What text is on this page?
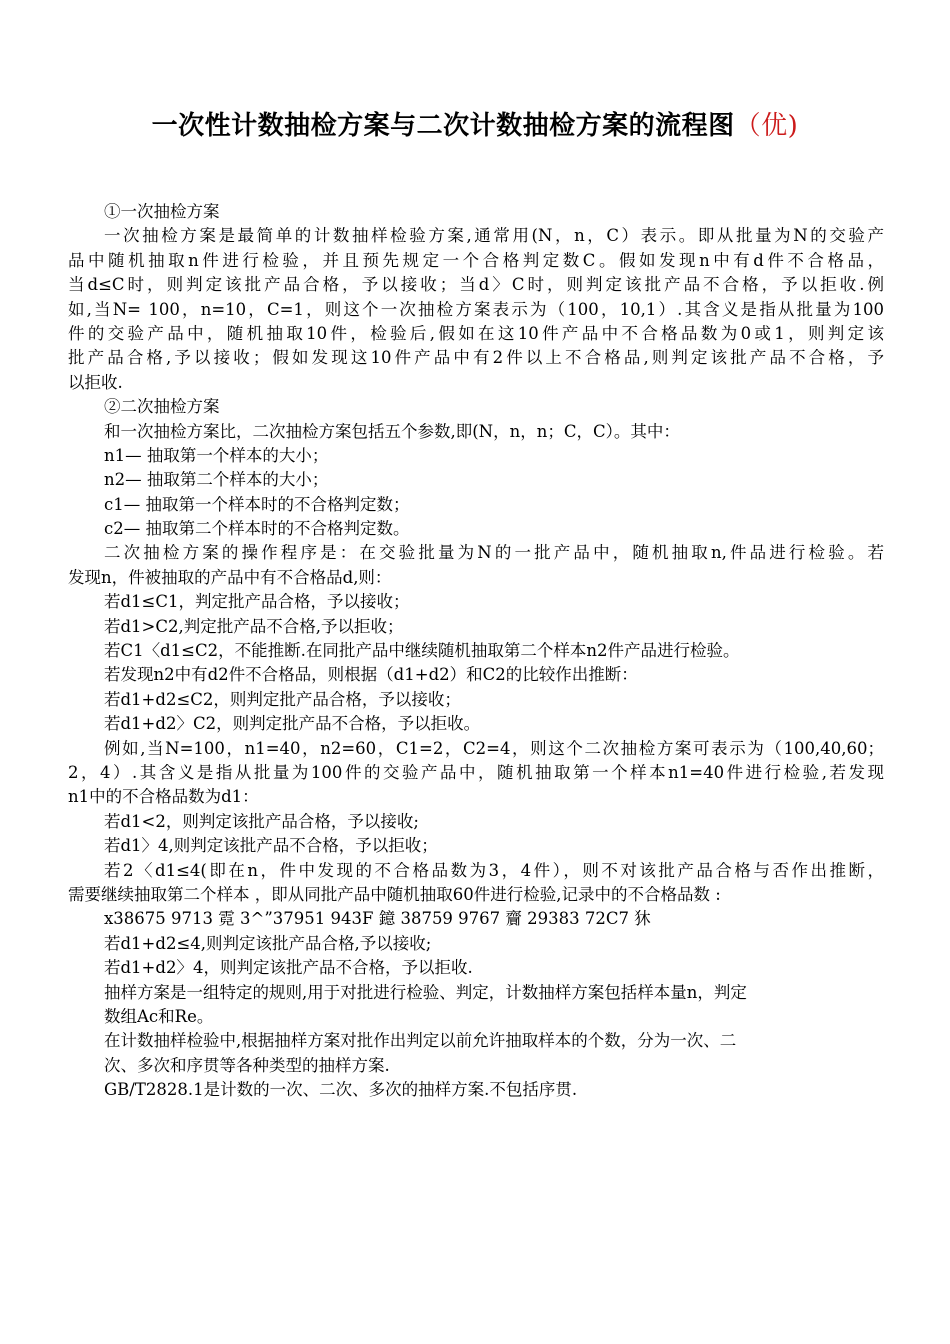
一次性计数抽检方案与二次计数抽检方案的流程图（优)
①一次抽检方案
一次抽检方案是最简单的计数抽样检验方案,通常用(N，n，C）表示。即从批量为N的交验产
品中随机抽取n件进行检验，并且预先规定一个合格判定数C。假如发现n中有d件不合格品，
当d≤C时，则判定该批产品合格，予以接收；当d〉C时，则判定该批产品不合格，予以拒收.例
如,当N= 100，n=10，C=1，则这个一次抽检方案表示为（100，10,1）.其含义是指从批量为100
件的交验产品中，随机抽取10件，检验后,假如在这10件产品中不合格品数为0或1，则判定该
批产品合格,予以接收；假如发现这10件产品中有2件以上不合格品,则判定该批产品不合格，予
以拒收.
②二次抽检方案
和一次抽检方案比，二次抽检方案包括五个参数,即(N，n，n；C，C）。其中：
n1— 抽取第一个样本的大小；
n2— 抽取第二个样本的大小；
c1— 抽取第一个样本时的不合格判定数；
c2— 抽取第二个样本时的不合格判定数。
二次抽检方案的操作程序是：在交验批量为N的一批产品中，随机抽取n,件品进行检验。若
发现n，件被抽取的产品中有不合格品d,则：
若d1≤C1，判定批产品合格，予以接收；
若d1>C2,判定批产品不合格,予以拒收；
若C1〈d1≤C2，不能推断.在同批产品中继续随机抽取第二个样本n2件产品进行检验。
若发现n2中有d2件不合格品，则根据（d1+d2）和C2的比较作出推断：
若d1+d2≤C2，则判定批产品合格，予以接收；
若d1+d2〉C2，则判定批产品不合格，予以拒收。
例如,当N=100，n1=40，n2=60，C1=2，C2=4，则这个二次抽检方案可表示为（100,40,60；
2，4）.其含义是指从批量为100件的交验产品中，随机抽取第一个样本n1=40件进行检验,若发现
n1中的不合格品数为d1：
若d1<2，则判定该批产品合格，予以接收;
若d1〉4,则判定该批产品不合格，予以拒收；
若2〈d1≤4(即在n，件中发现的不合格品数为3，4件），则不对该批产品合格与否作出推断，
需要继续抽取第二个样本 ，即从同批产品中随机抽取60件进行检验,记录中的不合格品数 :
x38675 9713 霓 3^”37951 943F 鐿 38759 9767 齎 29383 72C7 狇
若d1+d2≤4,则判定该批产品合格,予以接收;
若d1+d2〉4，则判定该批产品不合格，予以拒收.
抽样方案是一组特定的规则,用于对批进行检验、判定，计数抽样方案包括样本量n，判定
数组Ac和Re。
在计数抽样检验中,根据抽样方案对批作出判定以前允许抽取样本的个数，分为一次、二
次、多次和序贯等各种类型的抽样方案.
GB/T2828.1是计数的一次、二次、多次的抽样方案.不包括序贯.
